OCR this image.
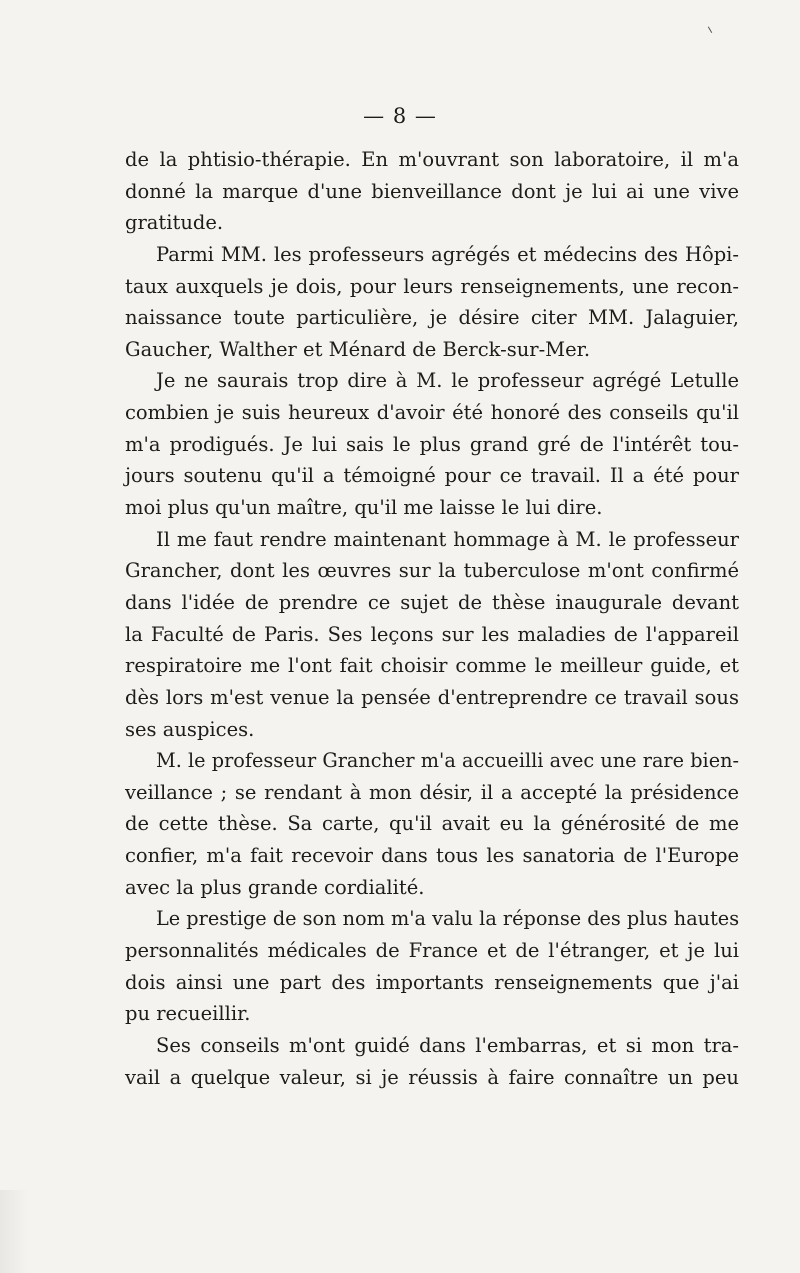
— 8 —
de la phtisio-thérapie. En m'ouvrant son laboratoire, il m'a
donné la marque d'une bienveillance dont je lui ai une vive
gratitude.
Parmi MM. les professeurs agrégés et médecins des Hôpi-
taux auxquels je dois, pour leurs renseignements, une recon-
naissance toute particulière, je désire citer MM. Jalaguier,
Gaucher, Walther et Ménard de Berck-sur-Mer.
Je ne saurais trop dire à M. le professeur agrégé Letulle
combien je suis heureux d'avoir été honoré des conseils qu'il
m'a prodigués. Je lui sais le plus grand gré de l'intérêt tou-
jours soutenu qu'il a témoigné pour ce travail. Il a été pour
moi plus qu'un maître, qu'il me laisse le lui dire.
Il me faut rendre maintenant hommage à M. le professeur
Grancher, dont les œuvres sur la tuberculose m'ont confirmé
dans l'idée de prendre ce sujet de thèse inaugurale devant
la Faculté de Paris. Ses leçons sur les maladies de l'appareil
respiratoire me l'ont fait choisir comme le meilleur guide, et
dès lors m'est venue la pensée d'entreprendre ce travail sous
ses auspices.
M. le professeur Grancher m'a accueilli avec une rare bien-
veillance ; se rendant à mon désir, il a accepté la présidence
de cette thèse. Sa carte, qu'il avait eu la générosité de me
confier, m'a fait recevoir dans tous les sanatoria de l'Europe
avec la plus grande cordialité.
Le prestige de son nom m'a valu la réponse des plus hautes
personnalités médicales de France et de l'étranger, et je lui
dois ainsi une part des importants renseignements que j'ai
pu recueillir.
Ses conseils m'ont guidé dans l'embarras, et si mon tra-
vail a quelque valeur, si je réussis à faire connaître un peu
